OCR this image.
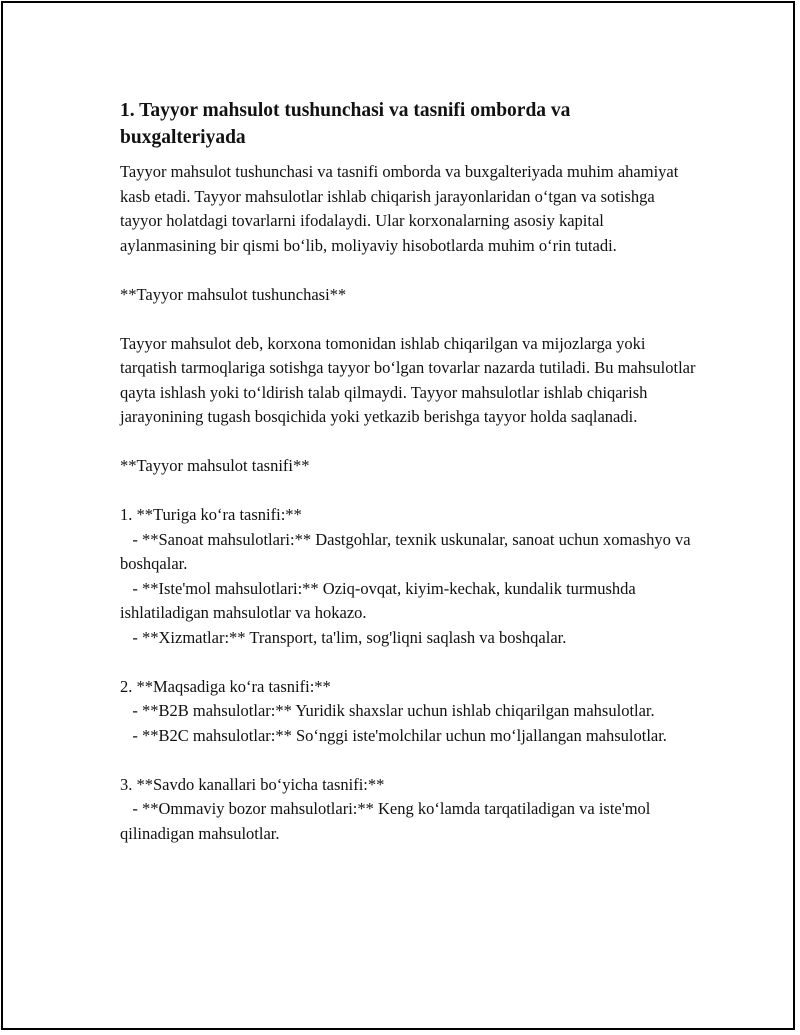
1. Tayyor mahsulot tushunchasi va tasnifi omborda va buxgalteriyada

Tayyor mahsulot tushunchasi va tasnifi omborda va buxgalteriyada muhim ahamiyat kasb etadi. Tayyor mahsulotlar ishlab chiqarish jarayonlaridan o‘tgan va sotishga tayyor holatdagi tovarlarni ifodalaydi. Ular korxonalarning asosiy kapital aylanmasining bir qismi bo‘lib, moliyaviy hisobotlarda muhim o‘rin tutadi.

**Tayyor mahsulot tushunchasi**

Tayyor mahsulot deb, korxona tomonidan ishlab chiqarilgan va mijozlarga yoki tarqatish tarmoqlariga sotishga tayyor bo‘lgan tovarlar nazarda tutiladi. Bu mahsulotlar qayta ishlash yoki to‘ldirish talab qilmaydi. Tayyor mahsulotlar ishlab chiqarish jarayonining tugash bosqichida yoki yetkazib berishga tayyor holda saqlanadi.

**Tayyor mahsulot tasnifi**

1. **Turiga ko‘ra tasnifi:**

- **Sanoat mahsulotlari:** Dastgohlar, texnik uskunalar, sanoat uchun xomashyo va boshqalar.

- **Iste'mol mahsulotlari:** Oziq-ovqat, kiyim-kechak, kundalik turmushda ishlatiladigan mahsulotlar va hokazo.

- **Xizmatlar:** Transport, ta'lim, sog'liqni saqlash va boshqalar.

2. **Maqsadiga ko‘ra tasnifi:**

- **B2B mahsulotlar:** Yuridik shaxslar uchun ishlab chiqarilgan mahsulotlar.

- **B2C mahsulotlar:** So‘nggi iste'molchilar uchun mo‘ljallangan mahsulotlar.

3. **Savdo kanallari bo‘yicha tasnifi:**

- **Ommaviy bozor mahsulotlari:** Keng ko‘lamda tarqatiladigan va iste'mol qilinadigan mahsulotlar.
